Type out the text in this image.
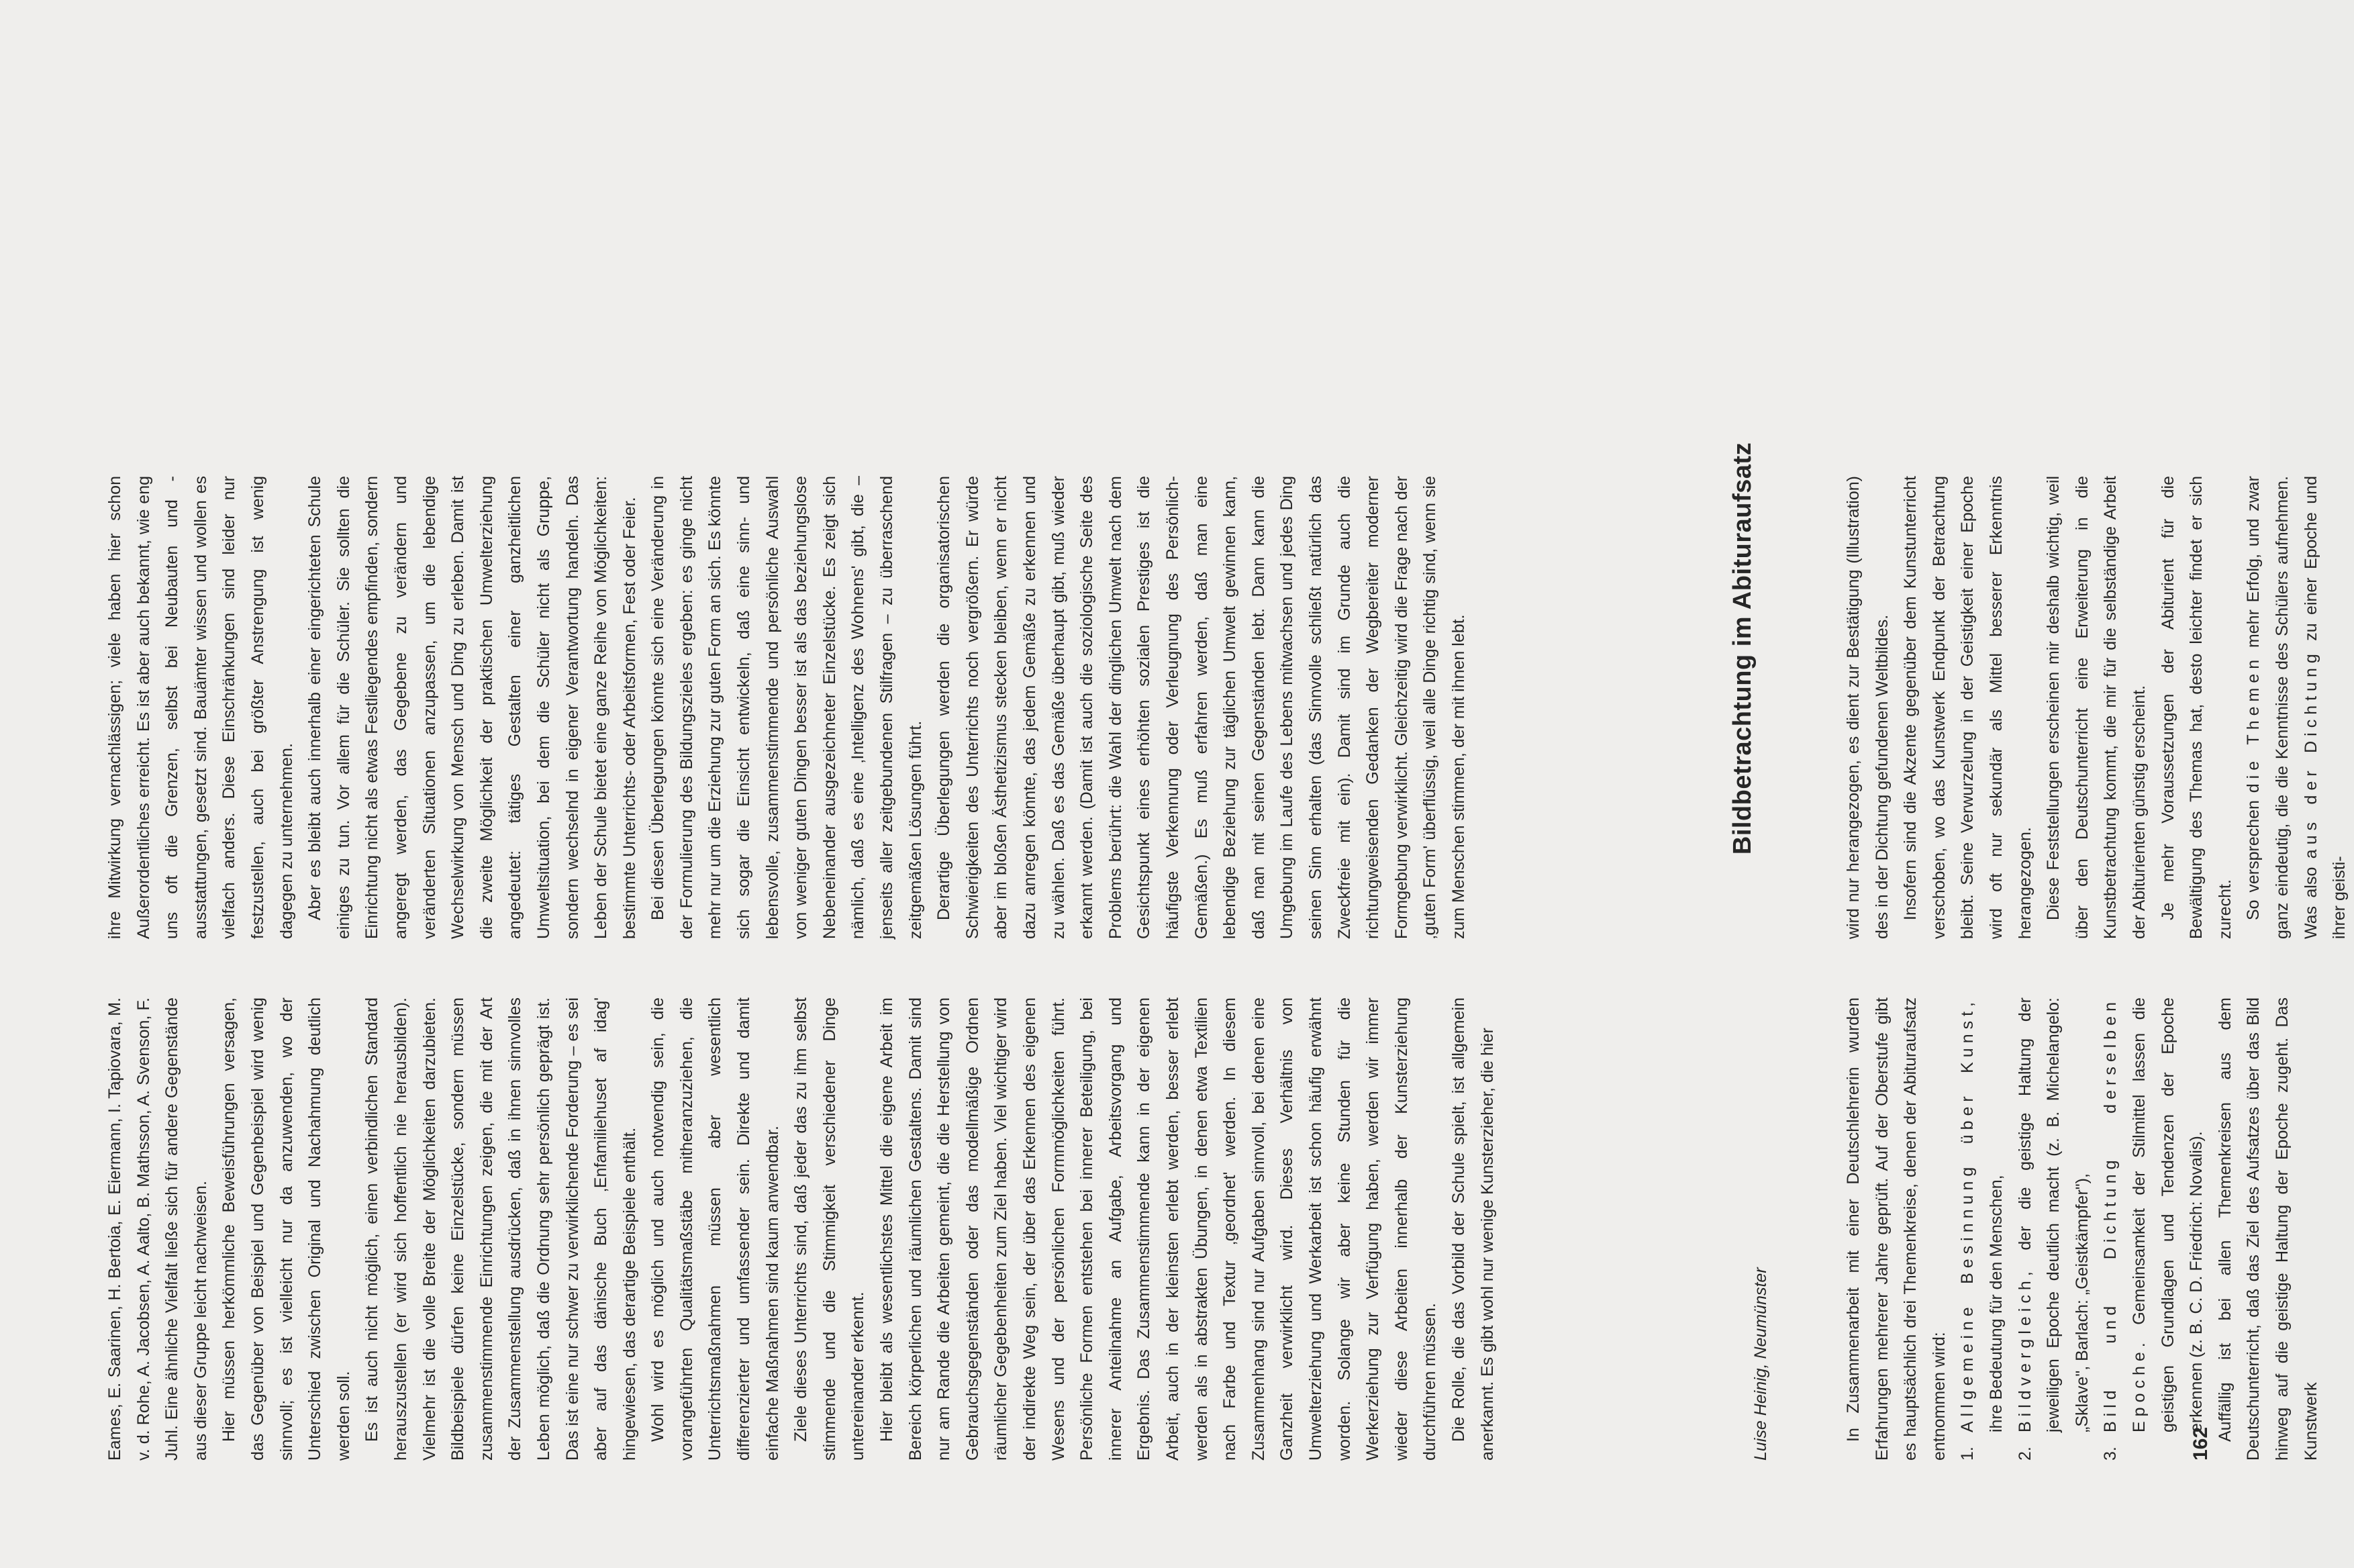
Eames, E. Saarinen, H. Bertoia, E. Eiermann, I. Tapiovara, M. v. d. Rohe, A. Jacobsen, A. Aalto, B. Mathsson, A. Svenson, F. Juhl. Eine ähnliche Vielfalt ließe sich für andere Gegenstände aus dieser Gruppe leicht nachweisen. Hier müssen herkömmliche Beweisführungen versagen, das Gegenüber von Beispiel und Gegenbeispiel wird wenig sinnvoll; es ist vielleicht nur da anzuwenden, wo der Unterschied zwischen Original und Nachahmung deutlich werden soll. Es ist auch nicht möglich, einen verbindlichen Standard herauszustellen (er wird sich hoffentlich nie herausbilden). Vielmehr ist die volle Breite der Möglichkeiten darzubieten. Bildbeispiele dürfen keine Einzelstücke, sondern müssen zusammenstimmende Einrichtungen zeigen, die mit der Art der Zusammenstellung ausdrücken, daß in ihnen sinnvolles Leben möglich, daß die Ordnung sehr persönlich geprägt ist. Das ist eine nur schwer zu verwirklichende Forderung – es sei aber auf das dänische Buch ‚Enfamiliehuset af idag' hingewiesen, das derartige Beispiele enthält. Wohl wird es möglich und auch notwendig sein, die vorangeführten Qualitätsmaßstäbe mitheranzuziehen, die Unterrichtsmaßnahmen müssen aber wesentlich differenzierter und umfassender sein. Direkte und damit einfache Maßnahmen sind kaum anwendbar. Ziele dieses Unterrichts sind, daß jeder das zu ihm selbst stimmende und die Stimmigkeit verschiedener Dinge untereinander erkennt. Hier bleibt als wesentlichstes Mittel die eigene Arbeit im Bereich körperlichen und räumlichen Gestaltens. Damit sind nur am Rande die Arbeiten gemeint, die die Herstellung von Gebrauchsgegenständen oder das modellmäßige Ordnen räumlicher Gegebenheiten zum Ziel haben. Viel wichtiger wird der indirekte Weg sein, der über das Erkennen des eigenen Wesens und der persönlichen Formmöglichkeiten führt. Persönliche Formen entstehen bei innerer Beteiligung, bei innerer Anteilnahme an Aufgabe, Arbeitsvorgang und Ergebnis. Das Zusammenstimmende kann in der eigenen Arbeit, auch in der kleinsten erlebt werden, besser erlebt werden als in abstrakten Übungen, in denen etwa Textilien nach Farbe und Textur ‚geordnet' werden. In diesem Zusammenhang sind nur Aufgaben sinnvoll, bei denen eine Ganzheit verwirklicht wird. Dieses Verhältnis von Umwelterziehung und Werkarbeit ist schon häufig erwähnt worden. Solange wir aber keine Stunden für die Werkerziehung zur Verfügung haben, werden wir immer wieder diese Arbeiten innerhalb der Kunsterziehung durchführen müssen. Die Rolle, die das Vorbild der Schule spielt, ist allgemein anerkannt. Es gibt wohl nur wenige Kunsterzieher, die hier

ihre Mitwirkung vernachlässigen; viele haben hier schon Außerordentliches erreicht. Es ist aber auch bekannt, wie eng uns oft die Grenzen, selbst bei Neubauten und -ausstattungen, gesetzt sind. Bauämter wissen und wollen es vielfach anders. Diese Einschränkungen sind leider nur festzustellen, auch bei größter Anstrengung ist wenig dagegen zu unternehmen. Aber es bleibt auch innerhalb einer eingerichteten Schule einiges zu tun. Vor allem für die Schüler. Sie sollten die Einrichtung nicht als etwas Festliegendes empfinden, sondern angeregt werden, das Gegebene zu verändern und veränderten Situationen anzupassen, um die lebendige Wechselwirkung von Mensch und Ding zu erleben. Damit ist die zweite Möglichkeit der praktischen Umwelterziehung angedeutet: tätiges Gestalten einer ganzheitlichen Umweltsituation, bei dem die Schüler nicht als Gruppe, sondern wechselnd in eigener Verantwortung handeln. Das Leben der Schule bietet eine ganze Reihe von Möglichkeiten: bestimmte Unterrichts- oder Arbeitsformen, Fest oder Feier. Bei diesen Überlegungen könnte sich eine Veränderung in der Formulierung des Bildungszieles ergeben: es ginge nicht mehr nur um die Erziehung zur guten Form an sich. Es könnte sich sogar die Einsicht entwickeln, daß eine sinn- und lebensvolle, zusammenstimmende und persönliche Auswahl von weniger guten Dingen besser ist als das beziehungslose Nebeneinander ausgezeichneter Einzelstücke. Es zeigt sich nämlich, daß es eine ‚Intelligenz des Wohnens' gibt, die – jenseits aller zeitgebundenen Stilfragen – zu überraschend zeitgemäßen Lösungen führt. Derartige Überlegungen werden die organisatorischen Schwierigkeiten des Unterrichts noch vergrößern. Er würde aber im bloßen Ästhetizismus stecken bleiben, wenn er nicht dazu anregen könnte, das jedem Gemäße zu erkennen und zu wählen. Daß es das Gemäße überhaupt gibt, muß wieder erkannt werden. (Damit ist auch die soziologische Seite des Problems berührt: die Wahl der dinglichen Umwelt nach dem Gesichtspunkt eines erhöhten sozialen Prestiges ist die häufigste Verkennung oder Verleugnung des Persönlich-Gemäßen.) Es muß erfahren werden, daß man eine lebendige Beziehung zur täglichen Umwelt gewinnen kann, daß man mit seinen Gegenständen lebt. Dann kann die Umgebung im Laufe des Lebens mitwachsen und jedes Ding seinen Sinn erhalten (das Sinnvolle schließt natürlich das Zweckfreie mit ein). Damit sind im Grunde auch die richtungweisenden Gedanken der Wegbereiter moderner Formgebung verwirklicht. Gleichzeitig wird die Frage nach der ‚guten Form' überflüssig, weil alle Dinge richtig sind, wenn sie zum Menschen stimmen, der mit ihnen lebt.

Luise Heinig, Neumünster
Bildbetrachtung im Abituraufsatz

In Zusammenarbeit mit einer Deutschlehrerin wurden Erfahrungen mehrerer Jahre geprüft. Auf der Oberstufe gibt es hauptsächlich drei Themenkreise, denen der Abituraufsatz entnommen wird: 1.Allgemeine Besinnung über Kunst, ihre Bedeutung für den Menschen,

2.Bildvergleich, der die geistige Haltung der jeweiligen Epoche deutlich macht (z. B. Michelangelo: „Sklave", Barlach: „Geistkämpfer"),

3.Bild und Dichtung derselben Epoche. Gemeinsamkeit der Stilmittel lassen die geistigen Grundlagen und Tendenzen der Epoche erkennen (z. B. C. D. Friedrich: Novalis). Auffällig ist bei allen Themenkreisen aus dem Deutschunterricht, daß das Ziel des Aufsatzes über das Bild hinweg auf die geistige Haltung der Epoche zugeht. Das Kunstwerk

wird nur herangezogen, es dient zur Bestätigung (Illustration) des in der Dichtung gefundenen Weltbildes. Insofern sind die Akzente gegenüber dem Kunstunterricht verschoben, wo das Kunstwerk Endpunkt der Betrachtung bleibt. Seine Verwurzelung in der Geistigkeit einer Epoche wird oft nur sekundär als Mittel besserer Erkenntnis herangezogen. Diese Feststellungen erscheinen mir deshalb wichtig, weil über den Deutschunterricht eine Erweiterung in die Kunstbetrachtung kommt, die mir für die selbständige Arbeit der Abiturienten günstig erscheint. Je mehr Voraussetzungen der Abiturient für die Bewältigung des Themas hat, desto leichter findet er sich zurecht. So versprechen die Themen mehr Erfolg, und zwar ganz eindeutig, die die Kenntnisse des Schülers aufnehmen. Was also aus der Dichtung zu einer Epoche und ihrer geisti-

162
